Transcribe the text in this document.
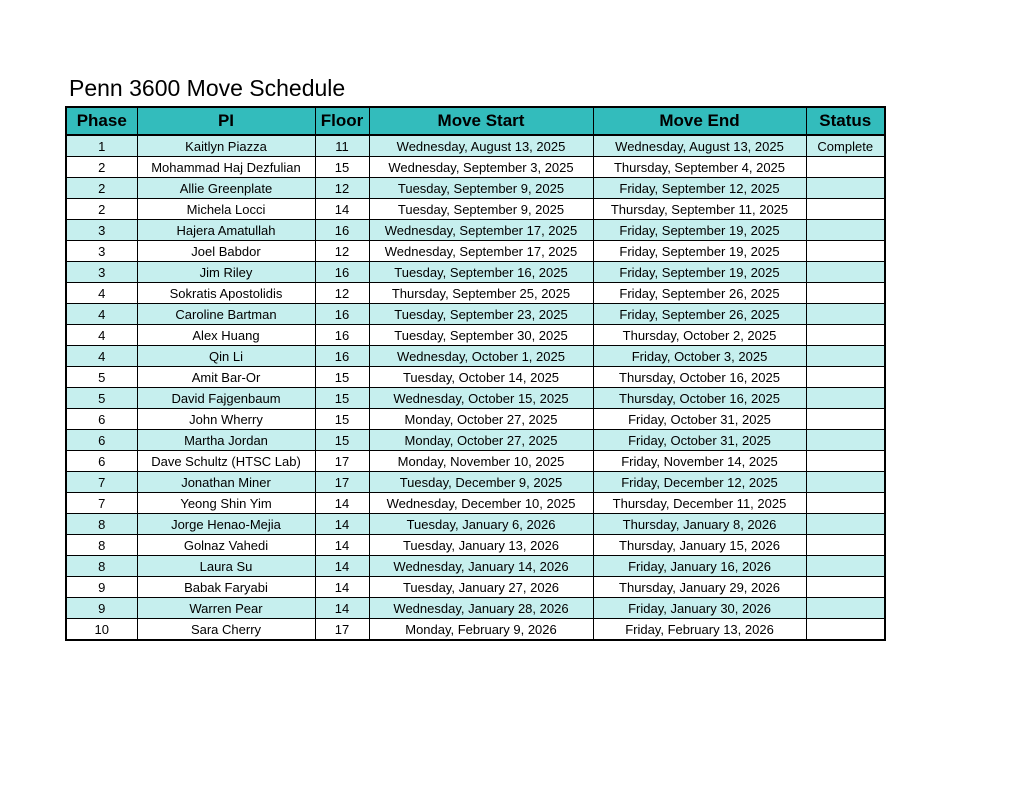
Penn 3600 Move Schedule
Phase	PI	Floor	Move Start	Move End	Status
1	Kaitlyn Piazza	11	Wednesday, August 13, 2025	Wednesday, August 13, 2025	Complete
2	Mohammad Haj Dezfulian	15	Wednesday, September 3, 2025	Thursday, September 4, 2025	
2	Allie Greenplate	12	Tuesday, September 9, 2025	Friday, September 12, 2025	
2	Michela Locci	14	Tuesday, September 9, 2025	Thursday, September 11, 2025	
3	Hajera Amatullah	16	Wednesday, September 17, 2025	Friday, September 19, 2025	
3	Joel Babdor	12	Wednesday, September 17, 2025	Friday, September 19, 2025	
3	Jim Riley	16	Tuesday, September 16, 2025	Friday, September 19, 2025	
4	Sokratis Apostolidis	12	Thursday, September 25, 2025	Friday, September 26, 2025	
4	Caroline Bartman	16	Tuesday, September 23, 2025	Friday, September 26, 2025	
4	Alex Huang	16	Tuesday, September 30, 2025	Thursday, October 2, 2025	
4	Qin Li	16	Wednesday, October 1, 2025	Friday, October 3, 2025	
5	Amit Bar-Or	15	Tuesday, October 14, 2025	Thursday, October 16, 2025	
5	David Fajgenbaum	15	Wednesday, October 15, 2025	Thursday, October 16, 2025	
6	John Wherry	15	Monday, October 27, 2025	Friday, October 31, 2025	
6	Martha Jordan	15	Monday, October 27, 2025	Friday, October 31, 2025	
6	Dave Schultz (HTSC Lab)	17	Monday, November 10, 2025	Friday, November 14, 2025	
7	Jonathan Miner	17	Tuesday, December 9, 2025	Friday, December 12, 2025	
7	Yeong Shin Yim	14	Wednesday, December 10, 2025	Thursday, December 11, 2025	
8	Jorge Henao-Mejia	14	Tuesday, January 6, 2026	Thursday, January 8, 2026	
8	Golnaz Vahedi	14	Tuesday, January 13, 2026	Thursday, January 15, 2026	
8	Laura Su	14	Wednesday, January 14, 2026	Friday, January 16, 2026	
9	Babak Faryabi	14	Tuesday, January 27, 2026	Thursday, January 29, 2026	
9	Warren Pear	14	Wednesday, January 28, 2026	Friday, January 30, 2026	
10	Sara Cherry	17	Monday, February 9, 2026	Friday, February 13, 2026	
